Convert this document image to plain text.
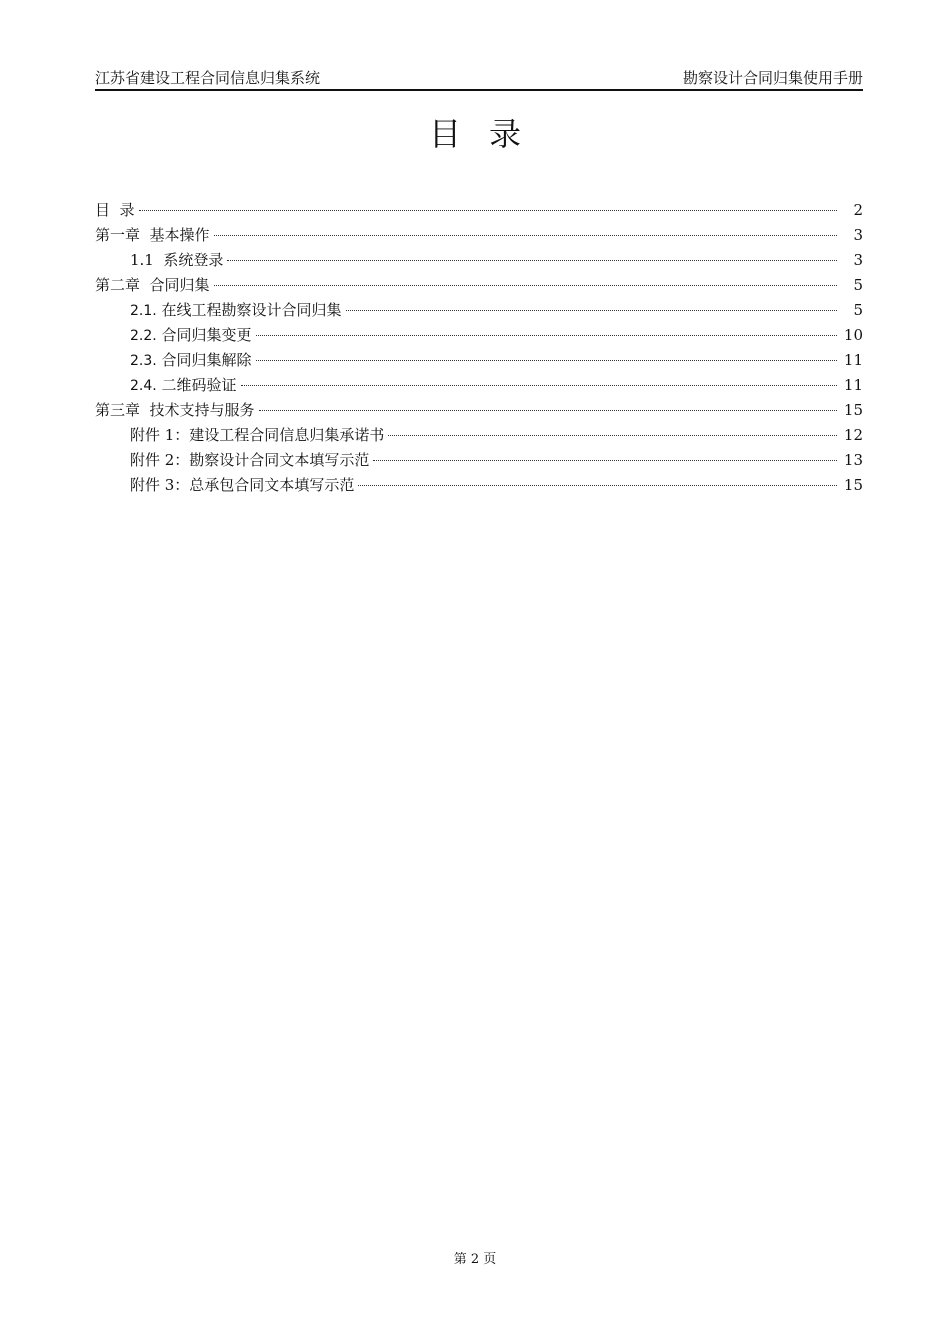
江苏省建设工程合同信息归集系统	勘察设计合同归集使用手册
目录
目  录	2
第一章  基本操作	3
1.1  系统登录	3
第二章  合同归集	5
2.1. 在线工程勘察设计合同归集	5
2.2. 合同归集变更	10
2.3. 合同归集解除	11
2.4. 二维码验证	11
第三章  技术支持与服务	15
附件 1：建设工程合同信息归集承诺书	12
附件 2：勘察设计合同文本填写示范	13
附件 3：总承包合同文本填写示范	15
第 2 页
